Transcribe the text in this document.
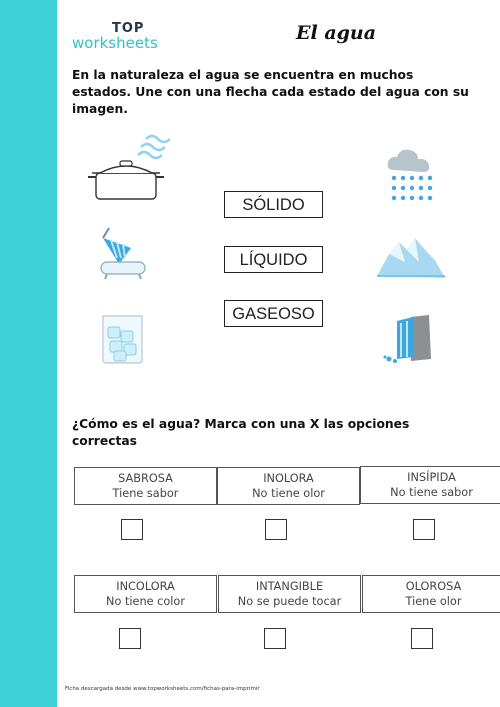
TOP
worksheets	El agua
En la naturaleza el agua se encuentra en muchos estados. Une con una flecha cada estado del agua con su imagen.
SÓLIDO
LÍQUIDO
GASEOSO
¿Cómo es el agua? Marca con una X las opciones correctas
SABROSA
Tiene sabor
INOLORA
No tiene olor
INSÍPIDA
No tiene sabor
INCOLORA
No tiene color
INTANGIBLE
No se puede tocar
OLOROSA
Tiene olor
Ficha descargada desde www.topworksheets.com/fichas-para-imprimir
